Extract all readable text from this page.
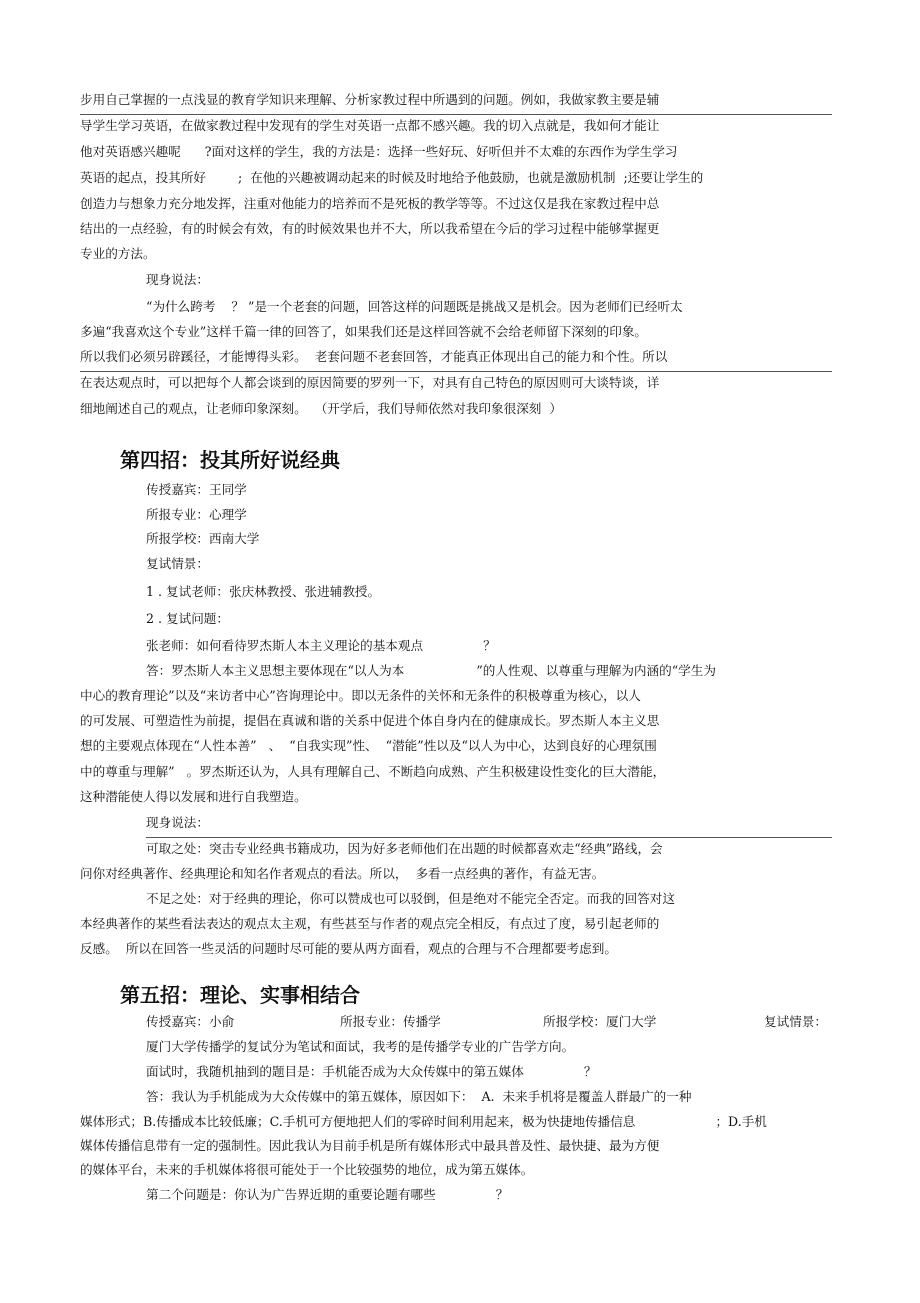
步用自己掌握的一点浅显的教育学知识来理解、分析家教过程中所遇到的问题。例如，我做家教主要是辅

导学生学习英语，在做家教过程中发现有的学生对英语一点都不感兴趣。我的切入点就是，我如何才能让

他对英语感兴趣呢      ?面对这样的学生，我的方法是：选择一些好玩、好听但并不太难的东西作为学生学习

英语的起点，投其所好        ;  在他的兴趣被调动起来的时候及时地给予他鼓励，也就是激励机制  ;还要让学生的

创造力与想象力充分地发挥，注重对他能力的培养而不是死板的教学等等。不过这仅是我在家教过程中总

结出的一点经验，有的时候会有效，有的时候效果也并不大，所以我希望在今后的学习过程中能够掌握更

专业的方法。

现身说法：

“为什么跨考    ？ ”是一个老套的问题，回答这样的问题既是挑战又是机会。因为老师们已经听太

多遍“我喜欢这个专业”这样千篇一律的回答了，如果我们还是这样回答就不会给老师留下深刻的印象。

所以我们必须另辟蹊径，才能博得头彩。  老套问题不老套回答，才能真正体现出自己的能力和个性。所以

在表达观点时，可以把每个人都会谈到的原因简要的罗列一下，对具有自己特色的原因则可大谈特谈，详

细地阐述自己的观点，让老师印象深刻。  （开学后，我们导师依然对我印象很深刻  ）

第四招：投其所好说经典

传授嘉宾：王同学

所报专业：心理学

所报学校：西南大学

复试情景：

1 . 复试老师：张庆林教授、张进辅教授。

2 . 复试问题：

张老师：如何看待罗杰斯人本主义理论的基本观点               ？

答：罗杰斯人本主义思想主要体现在“以人为本                  ”的人性观、以尊重与理解为内涵的“学生为

中心的教育理论”以及“来访者中心”咨询理论中。即以无条件的关怀和无条件的积极尊重为核心，以人

的可发展、可塑造性为前提，提倡在真诚和谐的关系中促进个体自身内在的健康成长。罗杰斯人本主义思

想的主要观点体现在“人性本善”   、  “自我实现”性、  “潜能”性以及“以人为中心，达到良好的心理氛围

中的尊重与理解”   。罗杰斯还认为，人具有理解自己、不断趋向成熟、产生积极建设性变化的巨大潜能，

这种潜能使人得以发展和进行自我塑造。

现身说法：

可取之处：突击专业经典书籍成功，因为好多老师他们在出题的时候都喜欢走“经典”路线，会

问你对经典著作、经典理论和知名作者观点的看法。所以，  多看一点经典的著作，有益无害。

不足之处：对于经典的理论，你可以赞成也可以驳倒，但是绝对不能完全否定。而我的回答对这

本经典著作的某些看法表达的观点太主观，有些甚至与作者的观点完全相反，有点过了度，易引起老师的

反感。  所以在回答一些灵活的问题时尽可能的要从两方面看，观点的合理与不合理都要考虑到。

第五招：理论、实事相结合

传授嘉宾：小俞	所报专业：传播学	所报学校：厦门大学	复试情景：

厦门大学传播学的复试分为笔试和面试，我考的是传播学专业的广告学方向。

面试时，我随机抽到的题目是：手机能否成为大众传媒中的第五媒体               ？

答：我认为手机能成为大众传媒中的第五媒体，原因如下：  A.  未来手机将是覆盖人群最广的一种

媒体形式；B.传播成本比较低廉；C.手机可方便地把人们的零碎时间利用起来，极为快捷地传播信息                    ；D.手机

媒体传播信息带有一定的强制性。因此我认为目前手机是所有媒体形式中最具普及性、最快捷、最为方便

的媒体平台，未来的手机媒体将很可能处于一个比较强势的地位，成为第五媒体。

第二个问题是：你认为广告界近期的重要论题有哪些               ？
